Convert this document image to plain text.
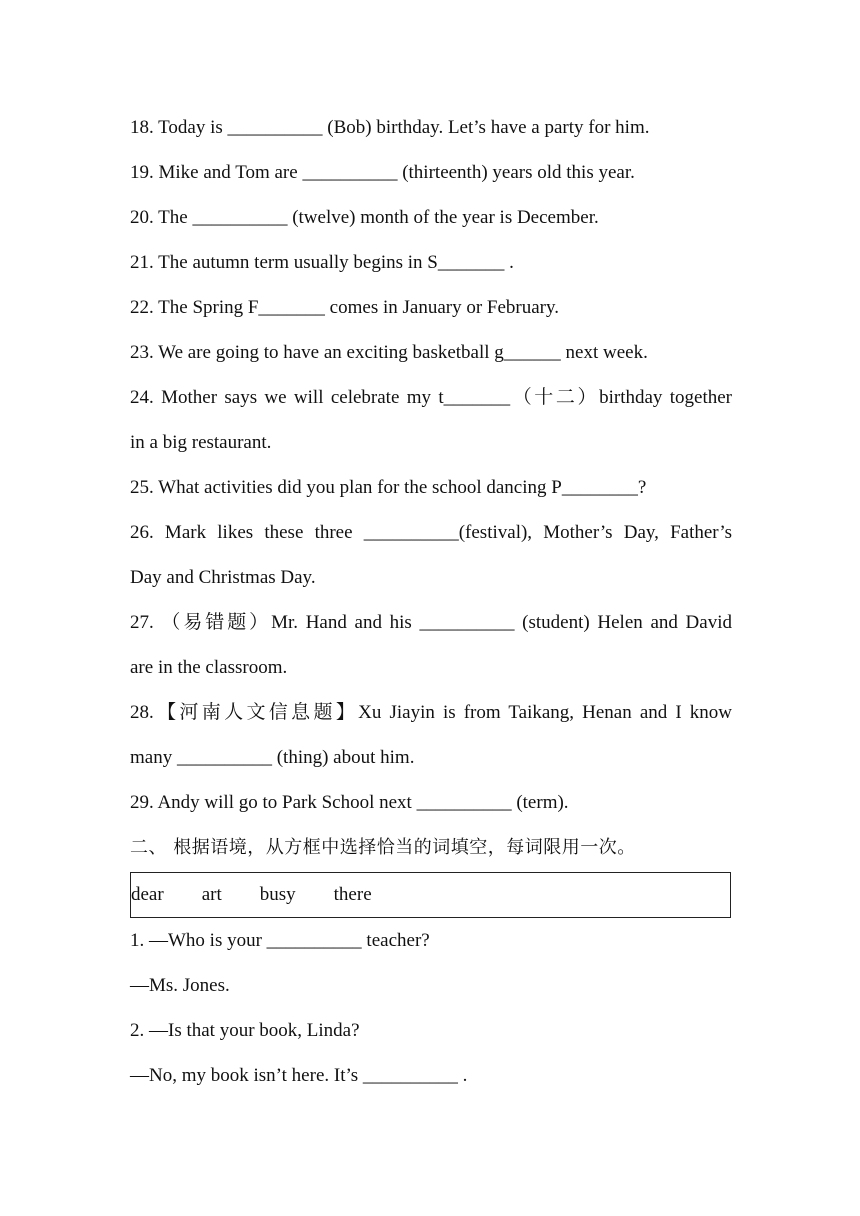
18. Today is __________ (Bob) birthday. Let’s have a party for him.
19. Mike and Tom are __________ (thirteenth) years old this year.
20. The __________ (twelve) month of the year is December.
21. The autumn term usually begins in S_______ .
22. The Spring F_______ comes in January or February.
23. We are going to have an exciting basketball g______ next week.
24. Mother says we will celebrate my t_______（十二）birthday together
in a big restaurant.
25. What activities did you plan for the school dancing P________?
26. Mark likes these three __________(festival), Mother’s Day, Father’s
Day and Christmas Day.
27. （易错题）Mr. Hand and his __________ (student) Helen and David
are in the classroom.
28.【河南人文信息题】Xu Jiayin is from Taikang, Henan and I know
many __________ (thing) about him.
29. Andy will go to Park School next __________ (term).
二、 根据语境，从方框中选择恰当的词填空，每词限用一次。
dear art busy there
1. —Who is your __________ teacher?
—Ms. Jones.
2. —Is that your book, Linda?
—No, my book isn’t here. It’s __________ .
